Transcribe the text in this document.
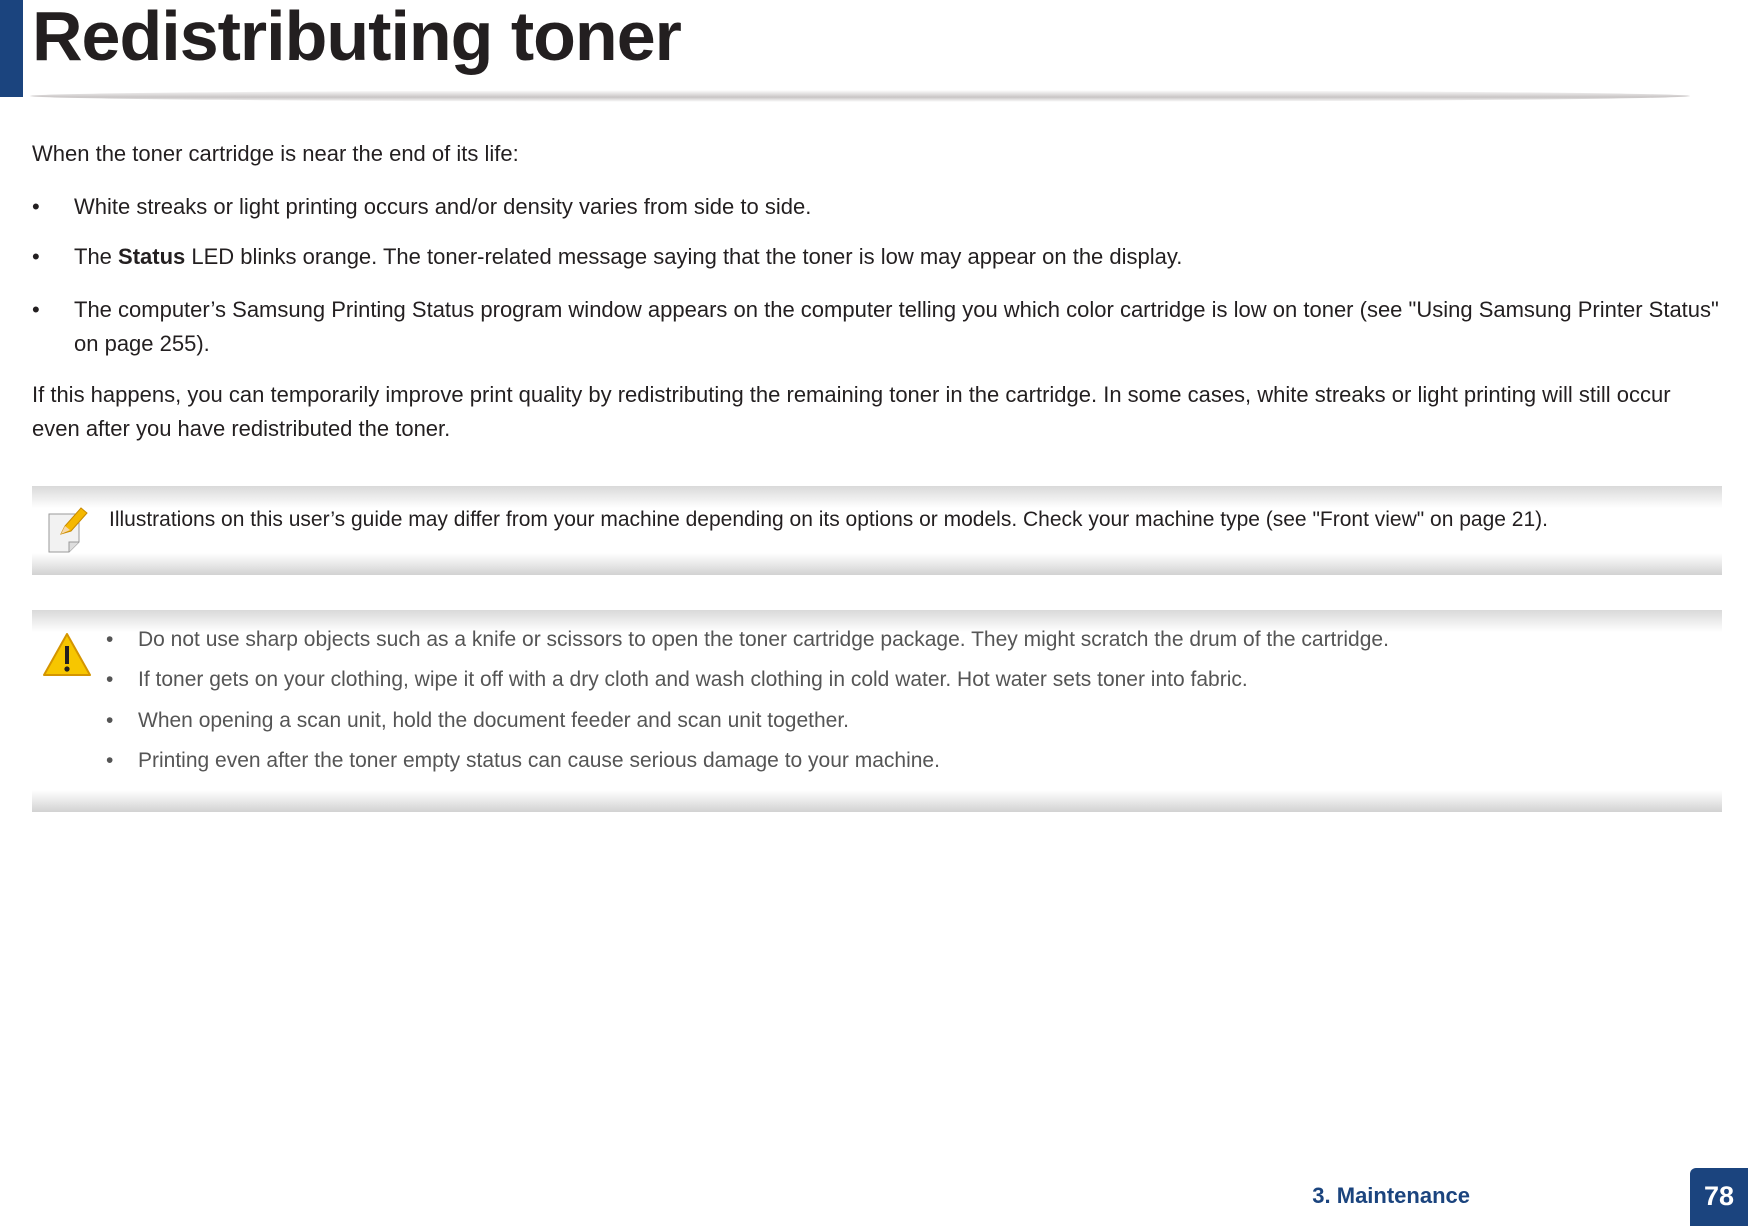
Redistributing toner
When the toner cartridge is near the end of its life:
•	White streaks or light printing occurs and/or density varies from side to side.
•	The Status LED blinks orange. The toner-related message saying that the toner is low may appear on the display.
•	The computer’s Samsung Printing Status program window appears on the computer telling you which color cartridge is low on toner (see "Using Samsung Printer Status" on page 255).
If this happens, you can temporarily improve print quality by redistributing the remaining toner in the cartridge. In some cases, white streaks or light printing will still occur even after you have redistributed the toner.
Illustrations on this user’s guide may differ from your machine depending on its options or models. Check your machine type (see "Front view" on page 21).
• Do not use sharp objects such as a knife or scissors to open the toner cartridge package. They might scratch the drum of the cartridge.
• If toner gets on your clothing, wipe it off with a dry cloth and wash clothing in cold water. Hot water sets toner into fabric.
• When opening a scan unit, hold the document feeder and scan unit together.
• Printing even after the toner empty status can cause serious damage to your machine.
3. Maintenance	78
